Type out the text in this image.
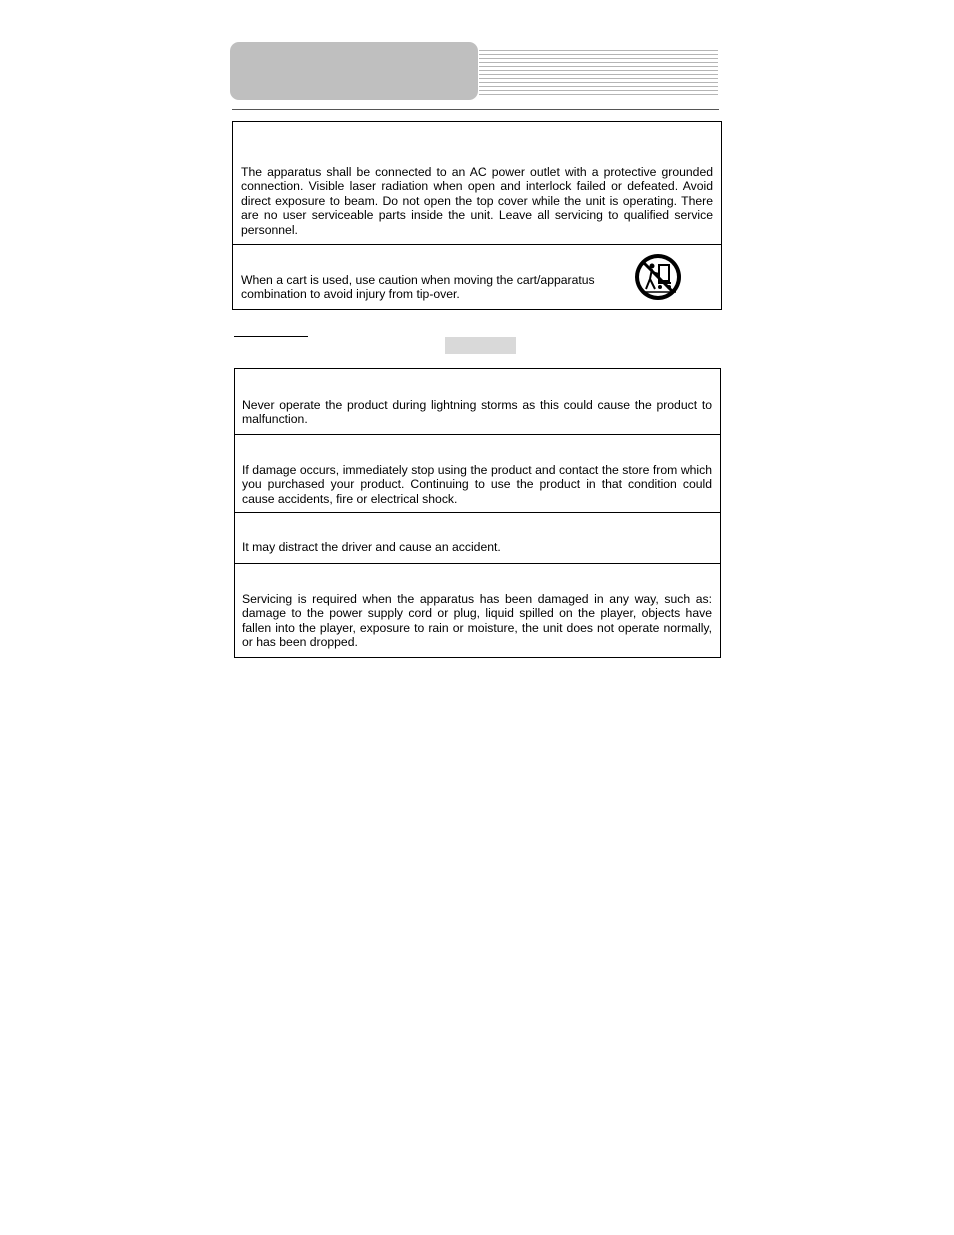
The apparatus shall be connected to an AC power outlet with a protective grounded connection. Visible laser radiation when open and interlock failed or defeated. Avoid direct exposure to beam. Do not open the top cover while the unit is operating. There are no user serviceable parts inside the unit. Leave all servicing to qualified service personnel.
When a cart is used, use caution when moving the cart/apparatus combination to avoid injury from tip-over.
Never operate the product during lightning storms as this could cause the product to malfunction.
If damage occurs, immediately stop using the product and contact the store from which you purchased your product. Continuing to use the product in that condition could cause accidents, fire or electrical shock.
It may distract the driver and cause an accident.
Servicing is required when the apparatus has been damaged in any way, such as: damage to the power supply cord or plug, liquid spilled on the player, objects have fallen into the player, exposure to rain or moisture, the unit does not operate normally, or has been dropped.
